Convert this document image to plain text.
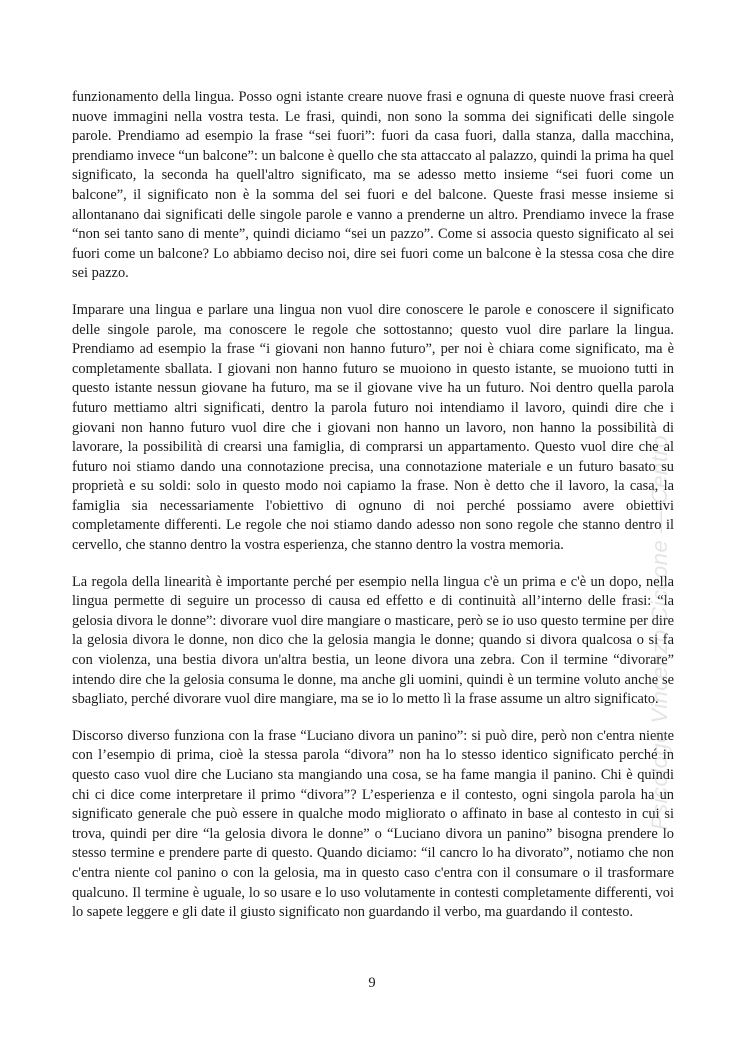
funzionamento della lingua. Posso ogni istante creare nuove frasi e ognuna di queste nuove frasi creerà nuove immagini nella vostra testa. Le frasi, quindi, non sono la somma dei significati delle singole parole. Prendiamo ad esempio la frase “sei fuori”: fuori da casa fuori, dalla stanza, dalla macchina, prendiamo invece “un balcone”: un balcone è quello che sta attaccato al palazzo, quindi la prima ha quel significato, la seconda ha quell'altro significato, ma se adesso metto insieme “sei fuori come un balcone”, il significato non è la somma del sei fuori e del balcone. Queste frasi messe insieme si allontanano dai significati delle singole parole e vanno a prenderne un altro. Prendiamo invece la frase “non sei tanto sano di mente”, quindi diciamo “sei un pazzo”. Come si associa questo significato al sei fuori come un balcone? Lo abbiamo deciso noi, dire sei fuori come un balcone è la stessa cosa che dire sei pazzo.

Imparare una lingua e parlare una lingua non vuol dire conoscere le parole e conoscere il significato delle singole parole, ma conoscere le regole che sottostanno; questo vuol dire parlare la lingua. Prendiamo ad esempio la frase “i giovani non hanno futuro”, per noi è chiara come significato, ma è completamente sballata. I giovani non hanno futuro se muoiono in questo istante, se muoiono tutti in questo istante nessun giovane ha futuro, ma se il giovane vive ha un futuro. Noi dentro quella parola futuro mettiamo altri significati, dentro la parola futuro noi intendiamo il lavoro, quindi dire che i giovani non hanno futuro vuol dire che i giovani non hanno un lavoro, non hanno la possibilità di lavorare, la possibilità di crearsi una famiglia, di comprarsi un appartamento. Questo vuol dire che al futuro noi stiamo dando una connotazione precisa, una connotazione materiale e un futuro basato su proprietà e su soldi: solo in questo modo noi capiamo la frase. Non è detto che il lavoro, la casa, la famiglia sia necessariamente l'obiettivo di ognuno di noi perché possiamo avere obiettivi completamente differenti. Le regole che noi stiamo dando adesso non sono regole che stanno dentro il cervello, che stanno dentro la vostra esperienza, che stanno dentro la vostra memoria.

La regola della linearità è importante perché per esempio nella lingua c'è un prima e c'è un dopo, nella lingua permette di seguire un processo di causa ed effetto e di continuità all’interno delle frasi: “la gelosia divora le donne”: divorare vuol dire mangiare o masticare, però se io uso questo termine per dire la gelosia divora le donne, non dico che la gelosia mangia le donne; quando si divora qualcosa o si fa con violenza, una bestia divora un'altra bestia, un leone divora una zebra. Con il termine “divorare” intendo dire che la gelosia consuma le donne, ma anche gli uomini, quindi è un termine voluto anche se sbagliato, perché divorare vuol dire mangiare, ma se io lo metto lì la frase assume un altro significato.

Discorso diverso funziona con la frase “Luciano divora un panino”: si può dire, però non c'entra niente con l’esempio di prima, cioè la stessa parola “divora” non ha lo stesso identico significato perché in questo caso vuol dire che Luciano sta mangiando una cosa, se ha fame mangia il panino. Chi è quindi chi ci dice come interpretare il primo “divora”? L’esperienza e il contesto, ogni singola parola ha un significato generale che può essere in qualche modo migliorato o affinato in base al contesto in cui si trova, quindi per dire “la gelosia divora le donne” o “Luciano divora un panino” bisogna prendere lo stesso termine e prendere parte di questo. Quando diciamo: “il cancro lo ha divorato”, notiamo che non c'entra niente col panino o con la gelosia, ma in questo caso c'entra con il consumare o il trasformare qualcuno. Il termine è uguale, lo so usare e lo uso volutamente in contesti completamente differenti, voi lo sapete leggere e gli date il giusto significato non guardando il verbo, ma guardando il contesto.

9
Psicologo Vincenzo Ciccone — Centro
